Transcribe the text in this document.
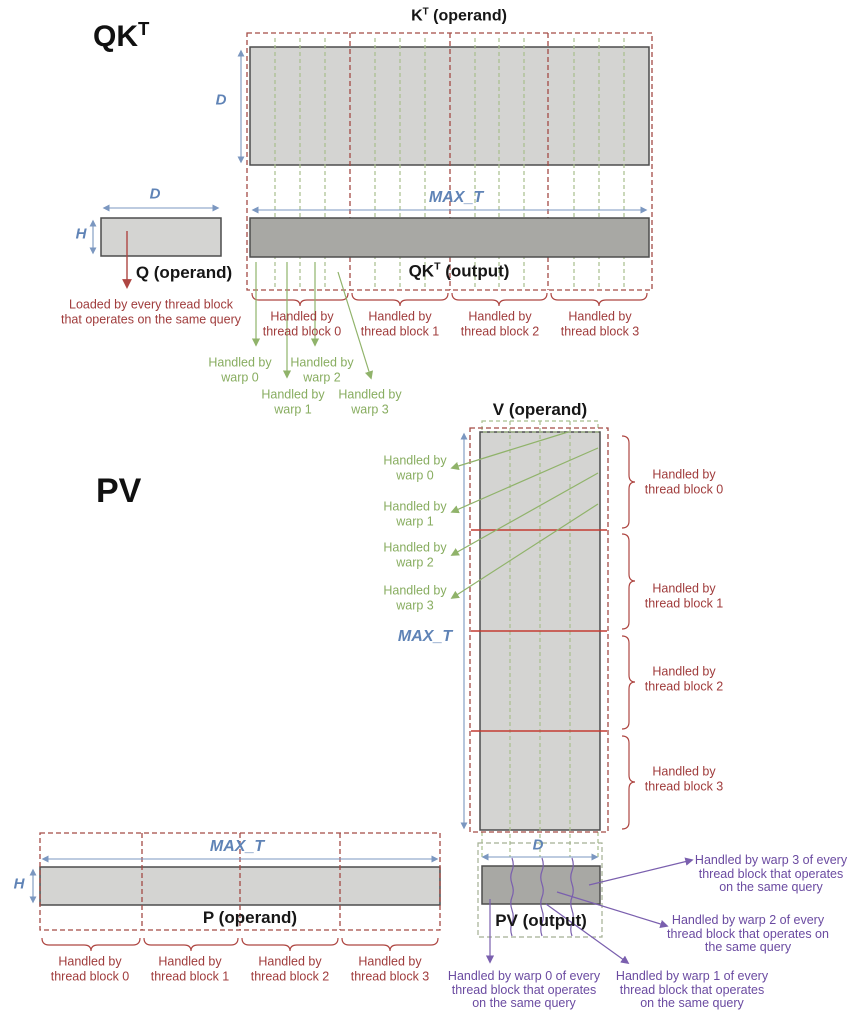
$QK^T$
$K^T$ (operand)
D
MAX_T
D
H
Q (operand)	$QK^T$ (output)
Loaded by every thread block
that operates on the same query	Handled by
thread block 0
Handled by
thread block 1
Handled by
thread block 2
Handled by
thread block 3
Handled by
warp 0
Handled by
warp 1
Handled by
warp 2
Handled by
warp 3
PV
V (operand)
Handled by
warp 0
Handled by
warp 1
Handled by
warp 2
Handled by
warp 3
MAX_T
Handled by
thread block 0
Handled by
thread block 1
Handled by
thread block 2
Handled by
thread block 3
D
PV (output)
Handled by warp 0 of every
thread block that operates
on the same query
Handled by warp 1 of every
thread block that operates
on the same query
Handled by warp 2 of every
thread block that operates on
the same query
Handled by warp 3 of every
thread block that operates
on the same query
MAX_T
H
P (operand)
Handled by
thread block 0
Handled by
thread block 1
Handled by
thread block 2
Handled by
thread block 3
